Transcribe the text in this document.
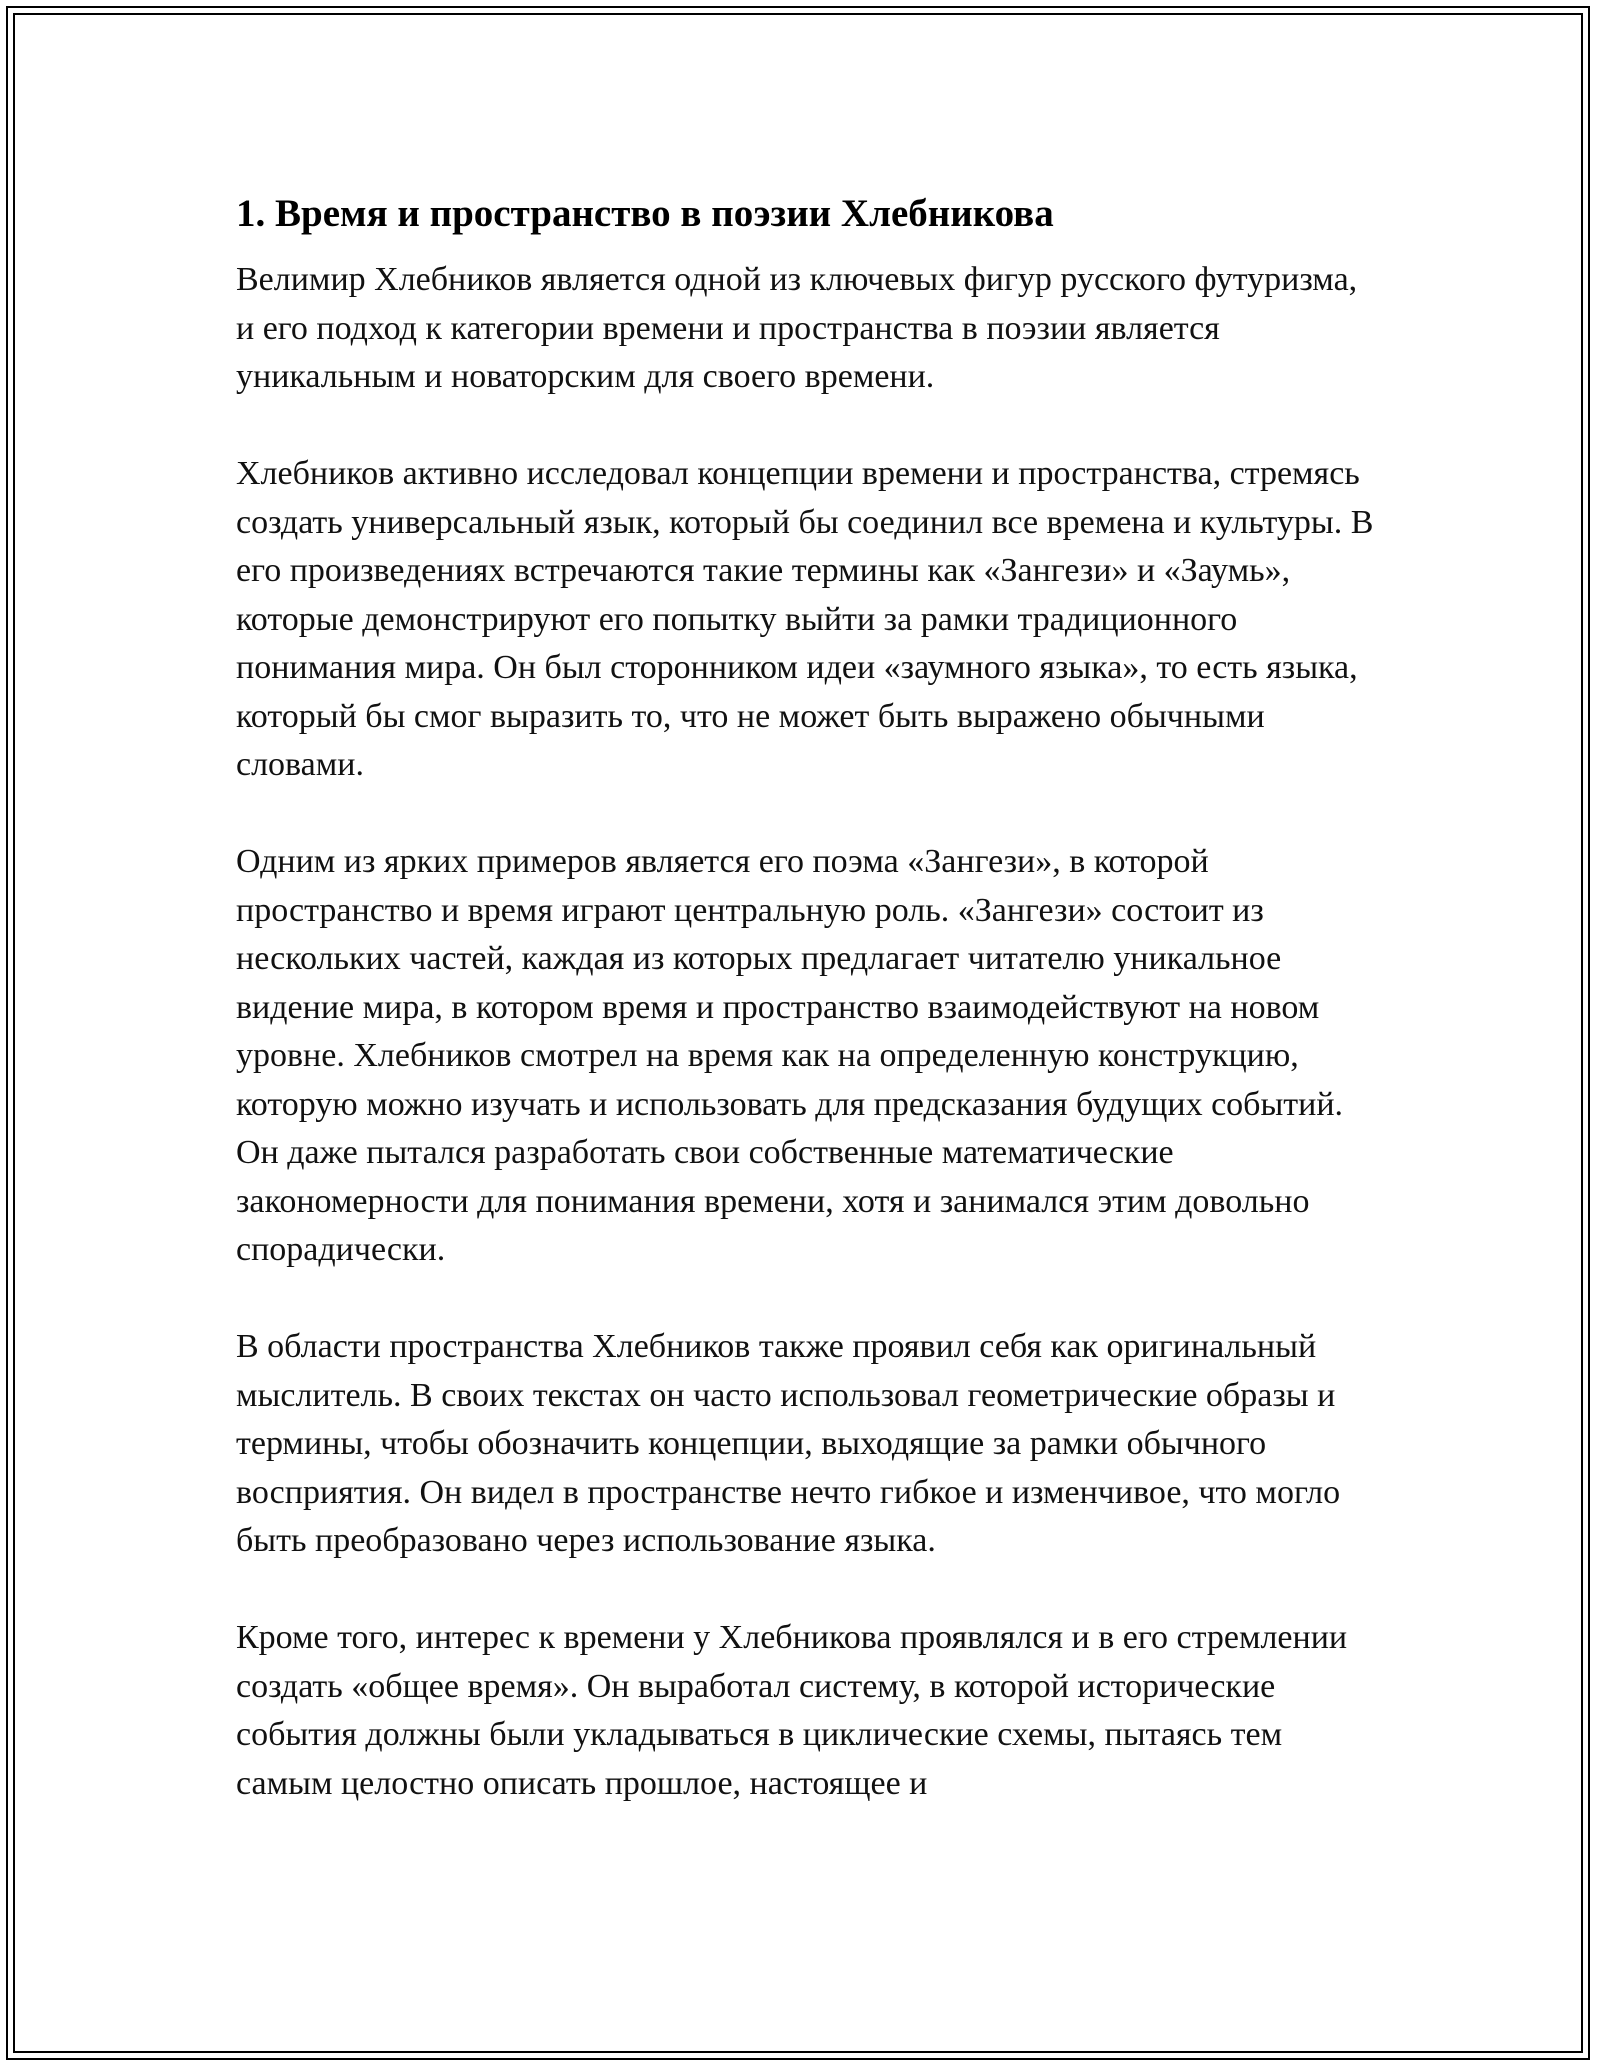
1. Время и пространство в поэзии Хлебникова

Велимир Хлебников является одной из ключевых фигур русского футуризма, и его подход к категории времени и пространства в поэзии является уникальным и новаторским для своего времени.

Хлебников активно исследовал концепции времени и пространства, стремясь создать универсальный язык, который бы соединил все времена и культуры. В его произведениях встречаются такие термины как «Зангези» и «Заумь», которые демонстрируют его попытку выйти за рамки традиционного понимания мира. Он был сторонником идеи «заумного языка», то есть языка, который бы смог выразить то, что не может быть выражено обычными словами.

Одним из ярких примеров является его поэма «Зангези», в которой пространство и время играют центральную роль. «Зангези» состоит из нескольких частей, каждая из которых предлагает читателю уникальное видение мира, в котором время и пространство взаимодействуют на новом уровне. Хлебников смотрел на время как на определенную конструкцию, которую можно изучать и использовать для предсказания будущих событий. Он даже пытался разработать свои собственные математические закономерности для понимания времени, хотя и занимался этим довольно спорадически.

В области пространства Хлебников также проявил себя как оригинальный мыслитель. В своих текстах он часто использовал геометрические образы и термины, чтобы обозначить концепции, выходящие за рамки обычного восприятия. Он видел в пространстве нечто гибкое и изменчивое, что могло быть преобразовано через использование языка.

Кроме того, интерес к времени у Хлебникова проявлялся и в его стремлении создать «общее время». Он выработал систему, в которой исторические события должны были укладываться в циклические схемы, пытаясь тем самым целостно описать прошлое, настоящее и
